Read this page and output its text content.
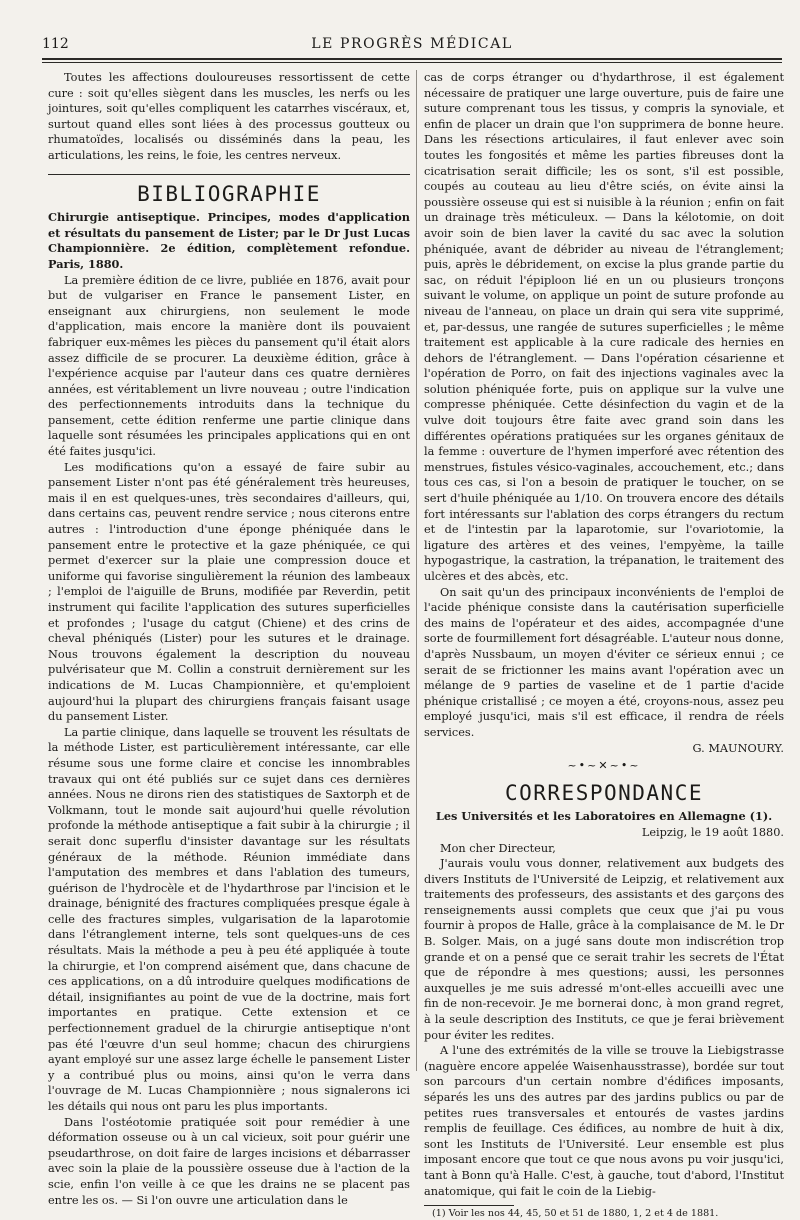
112	LE PROGRÈS MÉDICAL

Toutes les affections douloureuses ressortissent de cette cure : soit qu'elles siègent dans les muscles, les nerfs ou les jointures, soit qu'elles compliquent les catarrhes viscéraux, et, surtout quand elles sont liées à des processus goutteux ou rhumatoïdes, localisés ou disséminés dans la peau, les articulations, les reins, le foie, les centres nerveux.

BIBLIOGRAPHIE

Chirurgie antiseptique. Principes, modes d'application et résultats du pansement de Lister; par le Dr Just Lucas Championnière. 2e édition, complètement refondue. Paris, 1880.

La première édition de ce livre, publiée en 1876, avait pour but de vulgariser en France le pansement Lister, en enseignant aux chirurgiens, non seulement le mode d'application, mais encore la manière dont ils pouvaient fabriquer eux-mêmes les pièces du pansement qu'il était alors assez difficile de se procurer. La deuxième édition, grâce à l'expérience acquise par l'auteur dans ces quatre dernières années, est véritablement un livre nouveau ; outre l'indication des perfectionnements introduits dans la technique du pansement, cette édition renferme une partie clinique dans laquelle sont résumées les principales applications qui en ont été faites jusqu'ici.

Les modifications qu'on a essayé de faire subir au pansement Lister n'ont pas été généralement très heureuses, mais il en est quelques-unes, très secondaires d'ailleurs, qui, dans certains cas, peuvent rendre service ; nous citerons entre autres : l'introduction d'une éponge phéniquée dans le pansement entre le protective et la gaze phéniquée, ce qui permet d'exercer sur la plaie une compression douce et uniforme qui favorise singulièrement la réunion des lambeaux ; l'emploi de l'aiguille de Bruns, modifiée par Reverdin, petit instrument qui facilite l'application des sutures superficielles et profondes ; l'usage du catgut (Chiene) et des crins de cheval phéniqués (Lister) pour les sutures et le drainage. Nous trouvons également la description du nouveau pulvérisateur que M. Collin a construit dernièrement sur les indications de M. Lucas Championnière, et qu'emploient aujourd'hui la plupart des chirurgiens français faisant usage du pansement Lister.

La partie clinique, dans laquelle se trouvent les résultats de la méthode Lister, est particulièrement intéressante, car elle résume sous une forme claire et concise les innombrables travaux qui ont été publiés sur ce sujet dans ces dernières années. Nous ne dirons rien des statistiques de Saxtorph et de Volkmann, tout le monde sait aujourd'hui quelle révolution profonde la méthode antiseptique a fait subir à la chirurgie ; il serait donc superflu d'insister davantage sur les résultats généraux de la méthode. Réunion immédiate dans l'amputation des membres et dans l'ablation des tumeurs, guérison de l'hydrocèle et de l'hydarthrose par l'incision et le drainage, bénignité des fractures compliquées presque égale à celle des fractures simples, vulgarisation de la laparotomie dans l'étranglement interne, tels sont quelques-uns de ces résultats. Mais la méthode a peu à peu été appliquée à toute la chirurgie, et l'on comprend aisément que, dans chacune de ces applications, on a dû introduire quelques modifications de détail, insignifiantes au point de vue de la doctrine, mais fort importantes en pratique. Cette extension et ce perfectionnement graduel de la chirurgie antiseptique n'ont pas été l'œuvre d'un seul homme; chacun des chirurgiens ayant employé sur une assez large échelle le pansement Lister y a contribué plus ou moins, ainsi qu'on le verra dans l'ouvrage de M. Lucas Championnière ; nous signalerons ici les détails qui nous ont paru les plus importants.

Dans l'ostéotomie pratiquée soit pour remédier à une déformation osseuse ou à un cal vicieux, soit pour guérir une pseudarthrose, on doit faire de larges incisions et débarrasser avec soin la plaie de la poussière osseuse due à l'action de la scie, enfin l'on veille à ce que les drains ne se placent pas entre les os. — Si l'on ouvre une articulation dans le

cas de corps étranger ou d'hydarthrose, il est également nécessaire de pratiquer une large ouverture, puis de faire une suture comprenant tous les tissus, y compris la synoviale, et enfin de placer un drain que l'on supprimera de bonne heure. Dans les résections articulaires, il faut enlever avec soin toutes les fongosités et même les parties fibreuses dont la cicatrisation serait difficile; les os sont, s'il est possible, coupés au couteau au lieu d'être sciés, on évite ainsi la poussière osseuse qui est si nuisible à la réunion ; enfin on fait un drainage très méticuleux. — Dans la kélotomie, on doit avoir soin de bien laver la cavité du sac avec la solution phéniquée, avant de débrider au niveau de l'étranglement; puis, après le débridement, on excise la plus grande partie du sac, on réduit l'épiploon lié en un ou plusieurs tronçons suivant le volume, on applique un point de suture profonde au niveau de l'anneau, on place un drain qui sera vite supprimé, et, par-dessus, une rangée de sutures superficielles ; le même traitement est applicable à la cure radicale des hernies en dehors de l'étranglement. — Dans l'opération césarienne et l'opération de Porro, on fait des injections vaginales avec la solution phéniquée forte, puis on applique sur la vulve une compresse phéniquée. Cette désinfection du vagin et de la vulve doit toujours être faite avec grand soin dans les différentes opérations pratiquées sur les organes génitaux de la femme : ouverture de l'hymen imperforé avec rétention des menstrues, fistules vésico-vaginales, accouchement, etc.; dans tous ces cas, si l'on a besoin de pratiquer le toucher, on se sert d'huile phéniquée au 1/10. On trouvera encore des détails fort intéressants sur l'ablation des corps étrangers du rectum et de l'intestin par la laparotomie, sur l'ovariotomie, la ligature des artères et des veines, l'empyème, la taille hypogastrique, la castration, la trépanation, le traitement des ulcères et des abcès, etc.

On sait qu'un des principaux inconvénients de l'emploi de l'acide phénique consiste dans la cautérisation superficielle des mains de l'opérateur et des aides, accompagnée d'une sorte de fourmillement fort désagréable. L'auteur nous donne, d'après Nussbaum, un moyen d'éviter ce sérieux ennui ; ce serait de se frictionner les mains avant l'opération avec un mélange de 9 parties de vaseline et de 1 partie d'acide phénique cristallisé ; ce moyen a été, croyons-nous, assez peu employé jusqu'ici, mais s'il est efficace, il rendra de réels services.

G. MAUNOURY.

~•~✕~•~
CORRESPONDANCE

Les Universités et les Laboratoires en Allemagne (1).

Leipzig, le 19 août 1880.

Mon cher Directeur,

J'aurais voulu vous donner, relativement aux budgets des divers Instituts de l'Université de Leipzig, et relativement aux traitements des professeurs, des assistants et des garçons des renseignements aussi complets que ceux que j'ai pu vous fournir à propos de Halle, grâce à la complaisance de M. le Dr B. Solger. Mais, on a jugé sans doute mon indiscrétion trop grande et on a pensé que ce serait trahir les secrets de l'État que de répondre à mes questions; aussi, les personnes auxquelles je me suis adressé m'ont-elles accueilli avec une fin de non-recevoir. Je me bornerai donc, à mon grand regret, à la seule description des Instituts, ce que je ferai brièvement pour éviter les redites.

A l'une des extrémités de la ville se trouve la Liebigstrasse (naguère encore appelée Waisenhausstrasse), bordée sur tout son parcours d'un certain nombre d'édifices imposants, séparés les uns des autres par des jardins publics ou par de petites rues transversales et entourés de vastes jardins remplis de feuillage. Ces édifices, au nombre de huit à dix, sont les Instituts de l'Université. Leur ensemble est plus imposant encore que tout ce que nous avons pu voir jusqu'ici, tant à Bonn qu'à Halle. C'est, à gauche, tout d'abord, l'Institut anatomique, qui fait le coin de la Liebig-

(1) Voir les nos 44, 45, 50 et 51 de 1880, 1, 2 et 4 de 1881.
